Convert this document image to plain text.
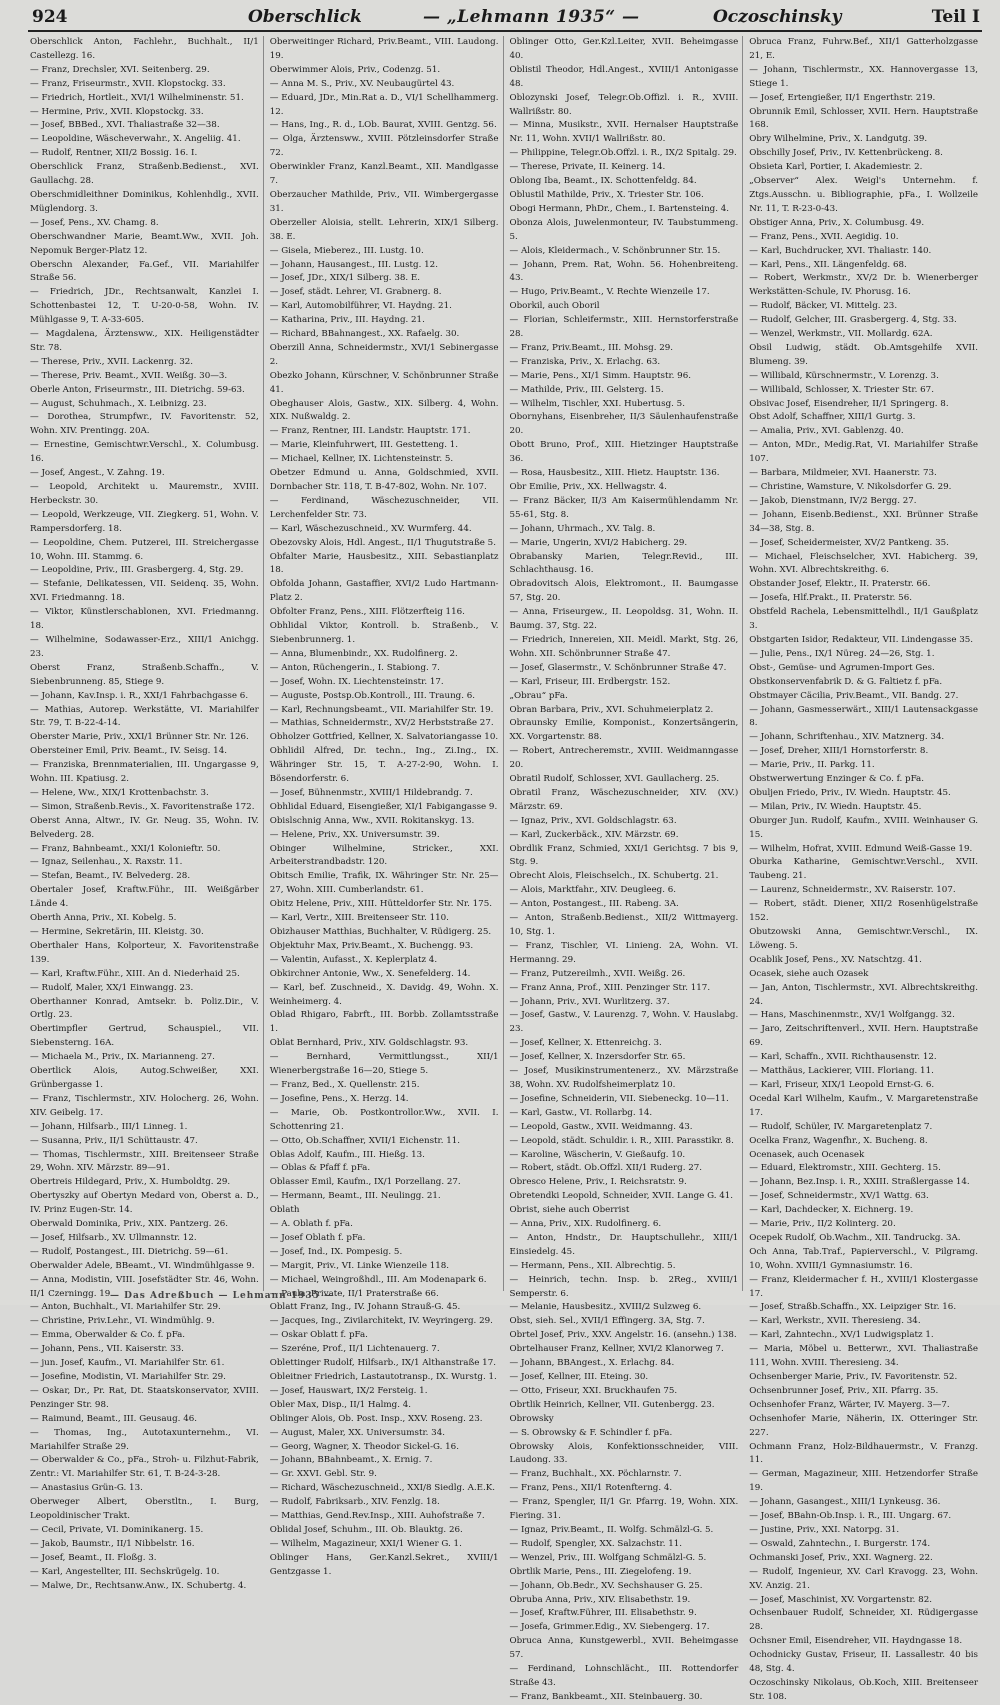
924	Oberschlick	— „Lehmann 1935“ —	Oczoschinsky	Teil I

Oberschlick Anton, Fachlehr., Buchhalt., II/1 Castellezg. 16.

— Franz, Drechsler, XVI. Seitenberg. 29.

— Franz, Friseurmstr., XVII. Klopstockg. 33.

— Friedrich, Hortleit., XVI/1 Wilhelminenstr. 51.

— Hermine, Priv., XVII. Klopstockg. 33.

— Josef, BBBed., XVI. Thaliastraße 32—38.

— Leopoldine, Wäscheverwahr., X. Angeliig. 41.

— Rudolf, Rentner, XII/2 Bossig. 16. I.

Oberschlick Franz, Straßenb.Bedienst., XVI. Gaullachg. 28.

Oberschmidleithner Dominikus, Kohlenhdlg., XVII. Müglendorg. 3.

— Josef, Pens., XV. Chamg. 8.

Oberschwandner Marie, Beamt.Ww., XVII. Joh. Nepomuk Berger-Platz 12.

Oberschn Alexander, Fa.Gef., VII. Mariahilfer Straße 56.

— Friedrich, JDr., Rechtsanwalt, Kanzlei I. Schottenbastei 12, T. U-20-0-58, Wohn. IV. Mühlgasse 9, T. A-33-605.

— Magdalena, Ärztensww., XIX. Heiligenstädter Str. 78.

— Therese, Priv., XVII. Lackenrg. 32.

— Therese, Priv. Beamt., XVII. Weißg. 30—3.

Oberle Anton, Friseurmstr., III. Dietrichg. 59-63.

— August, Schuhmach., X. Leibnizg. 23.

— Dorothea, Strumpfwr., IV. Favoritenstr. 52, Wohn. XIV. Prentingg. 20A.

— Ernestine, Gemischtwr.Verschl., X. Columbusg. 16.

— Josef, Angest., V. Zahng. 19.

— Leopold, Architekt u. Mauremstr., XVIII. Herbeckstr. 30.

— Leopold, Werkzeuge, VII. Ziegkerg. 51, Wohn. V. Rampersdorferg. 18.

— Leopoldine, Chem. Putzerei, III. Streichergasse 10, Wohn. III. Stammg. 6.

— Leopoldine, Priv., III. Grasbergerg. 4, Stg. 29.

— Stefanie, Delikatessen, VII. Seidenq. 35, Wohn. XVI. Friedmanng. 18.

— Viktor, Künstlerschablonen, XVI. Friedmanng. 18.

— Wilhelmine, Sodawasser-Erz., XIII/1 Anichgg. 23.

Oberst Franz, Straßenb.Schaffn., V. Siebenbrunneng. 85, Stiege 9.

— Johann, Kav.Insp. i. R., XXI/1 Fahrbachgasse 6.

— Mathias, Autorep. Werkstätte, VI. Mariahilfer Str. 79, T. B-22-4-14.

Oberster Marie, Priv., XXI/1 Brünner Str. Nr. 126.

Obersteiner Emil, Priv. Beamt., IV. Seisg. 14.

— Franziska, Brennmaterialien, III. Ungargasse 9, Wohn. III. Kpatiusg. 2.

— Helene, Ww., XIX/1 Krottenbachstr. 3.

— Simon, Straßenb.Revis., X. Favoritenstraße 172.

Oberst Anna, Altwr., IV. Gr. Neug. 35, Wohn. IV. Belvederg. 28.

— Franz, Bahnbeamt., XXI/1 Kolonieftr. 50.

— Ignaz, Seilenhau., X. Raxstr. 11.

— Stefan, Beamt., IV. Belvederg. 28.

Obertaler Josef, Kraftw.Führ., III. Weißgärber Lände 4.

Oberth Anna, Priv., XI. Kobelg. 5.

— Hermine, Sekretärin, III. Kleistg. 30.

Oberthaler Hans, Kolporteur, X. Favoritenstraße 139.

— Karl, Kraftw.Führ., XIII. An d. Niederhaid 25.

— Rudolf, Maler, XX/1 Einwangg. 23.

Oberthanner Konrad, Amtsekr. b. Poliz.Dir., V. Ortlg. 23.

Obertimpfler Gertrud, Schauspiel., VII. Siebensterng. 16A.

— Michaela M., Priv., IX. Marianneng. 27.

Obertlick Alois, Autog.Schweißer, XXI. Grünbergasse 1.

— Franz, Tischlermstr., XIV. Holocherg. 26, Wohn. XIV. Geibelg. 17.

— Johann, Hilfsarb., III/1 Linneg. 1.

— Susanna, Priv., II/1 Schüttaustr. 47.

— Thomas, Tischlermstr., XIII. Breitenseer Straße 29, Wohn. XIV. Märzstr. 89—91.

Obertreis Hildegard, Priv., X. Humboldtg. 29.

Obertyszky auf Obertyn Medard von, Oberst a. D., IV. Prinz Eugen-Str. 14.

Oberwald Dominika, Priv., XIX. Pantzerg. 26.

— Josef, Hilfsarb., XV. Ullmannstr. 12.

— Rudolf, Postangest., III. Dietrichg. 59—61.

Oberwalder Adele, BBeamt., VI. Windmühlgasse 9.

— Anna, Modistin, VIII. Josefstädter Str. 46, Wohn. II/1 Czerningg. 19.

— Anton, Buchhalt., VI. Mariahilfer Str. 29.

— Christine, Priv.Lehr., VI. Windmühlg. 9.

— Emma, Oberwalder & Co. f. pFa.

— Johann, Pens., VII. Kaiserstr. 33.

— jun. Josef, Kaufm., VI. Mariahilfer Str. 61.

— Josefine, Modistin, VI. Mariahilfer Str. 29.

— Oskar, Dr., Pr. Rat, Dt. Staatskonservator, XVIII. Penzinger Str. 98.

— Raimund, Beamt., III. Geusaug. 46.

— Thomas, Ing., Autotaxunternehm., VI. Mariahilfer Straße 29.

— Oberwalder & Co., pFa., Stroh- u. Filzhut-Fabrik, Zentr.: VI. Mariahilfer Str. 61, T. B-24-3-28.

— Anastasius Grün-G. 13.

Oberweger Albert, Oberstltn., I. Burg, Leopoldinischer Trakt.

— Cecil, Private, VI. Dominikanerg. 15.

— Jakob, Baumstr., II/1 Nibbelstr. 16.

— Josef, Beamt., II. Floßg. 3.

— Karl, Angestellter, III. Sechskrügelg. 10.

— Malwe, Dr., Rechtsanw.Anw., IX. Schubertg. 4.

Oberweitinger Richard, Priv.Beamt., VIII. Laudong. 19.

Oberwimmer Alois, Priv., Codenzg. 51.

— Anna M. S., Priv., XV. Neubaugürtel 43.

— Eduard, JDr., Min.Rat a. D., VI/1 Schellhammerg. 12.

— Hans, Ing., R. d., LOb. Baurat, XVIII. Gentzg. 56.

— Olga, Ärztensww., XVIII. Pötzleinsdorfer Straße 72.

Oberwinkler Franz, Kanzl.Beamt., XII. Mandlgasse 7.

Oberzaucher Mathilde, Priv., VII. Wimbergergasse 31.

Oberzeller Aloisia, stellt. Lehrerin, XIX/1 Silberg. 38. E.

— Gisela, Mieberez., III. Lustg. 10.

— Johann, Hausangest., III. Lustg. 12.

— Josef, JDr., XIX/1 Silberg. 38. E.

— Josef, städt. Lehrer, VI. Grabnerg. 8.

— Karl, Automobilführer, VI. Haydng. 21.

— Katharina, Priv., III. Haydng. 21.

— Richard, BBahnangest., XX. Rafaelg. 30.

Oberzill Anna, Schneidermstr., XVI/1 Sebinergasse 2.

Obezko Johann, Kürschner, V. Schönbrunner Straße 41.

Obeghauser Alois, Gastw., XIX. Silberg. 4, Wohn. XIX. Nußwaldg. 2.

— Franz, Rentner, III. Landstr. Hauptstr. 171.

— Marie, Kleinfuhrwert, III. Gestetteng. 1.

— Michael, Kellner, IX. Lichtensteinstr. 5.

Obetzer Edmund u. Anna, Goldschmied, XVII. Dornbacher Str. 118, T. B-47-802, Wohn. Nr. 107.

— Ferdinand, Wäschezuschneider, VII. Lerchenfelder Str. 73.

— Karl, Wäschezuschneid., XV. Wurmferg. 44.

Obezovsky Alois, Hdl. Angest., II/1 Thugutstraße 5.

Obfalter Marie, Hausbesitz., XIII. Sebastianplatz 18.

Obfolda Johann, Gastaffier, XVI/2 Ludo Hartmann-Platz 2.

Obfolter Franz, Pens., XIII. Flötzerfteig 116.

Obhlidal Viktor, Kontroll. b. Straßenb., V. Siebenbrunnerg. 1.

— Anna, Blumenbindr., XX. Rudolfinerg. 2.

— Anton, Rüchengerin., I. Stabiong. 7.

— Josef, Wohn. IX. Liechtensteinstr. 17.

— Auguste, Postsp.Ob.Kontroll., III. Traung. 6.

— Karl, Rechnungsbeamt., VII. Mariahilfer Str. 19.

— Mathias, Schneidermstr., XV/2 Herbststraße 27.

Obholzer Gottfried, Kellner, X. Salvatoriangasse 10.

Obhlidil Alfred, Dr. techn., Ing., Zi.Ing., IX. Währinger Str. 15, T. A-27-2-90, Wohn. I. Bösendorferstr. 6.

— Josef, Bühnenmstr., XVIII/1 Hildebrandg. 7.

Obhlidal Eduard, Eisengießer, XI/1 Fabigangasse 9.

Obislschnig Anna, Ww., XVII. Rokitanskyg. 13.

— Helene, Priv., XX. Universumstr. 39.

Obinger Wilhelmine, Stricker., XXI. Arbeiterstrandbadstr. 120.

Obitsch Emilie, Trafik, IX. Währinger Str. Nr. 25—27, Wohn. XIII. Cumberlandstr. 61.

Obitz Helene, Priv., XIII. Hütteldorfer Str. Nr. 175.

— Karl, Vertr., XIII. Breitenseer Str. 110.

Obizhauser Matthias, Buchhalter, V. Rüdigerg. 25.

Objektuhr Max, Priv.Beamt., X. Buchengg. 93.

— Valentin, Aufasst., X. Keplerplatz 4.

Obkirchner Antonie, Ww., X. Senefelderg. 14.

— Karl, bef. Zuschneid., X. Davidg. 49, Wohn. X. Weinheimerg. 4.

Oblad Rhigaro, Fabrft., III. Borbb. Zollamtsstraße 1.

Oblat Bernhard, Priv., XIV. Goldschlagstr. 93.

— Bernhard, Vermittlungsst., XII/1 Wienerbergstraße 16—20, Stiege 5.

— Franz, Bed., X. Quellenstr. 215.

— Josefine, Pens., X. Herzg. 14.

— Marie, Ob. Postkontrollor.Ww., XVII. I. Schottenring 21.

— Otto, Ob.Schaffner, XVII/1 Eichenstr. 11.

Oblas Adolf, Kaufm., III. Hießg. 13.

— Oblas & Pfaff f. pFa.

Oblasser Emil, Kaufm., IX/1 Porzellang. 27.

— Hermann, Beamt., III. Neulingg. 21.

Oblath

— A. Oblath f. pFa.

— Josef Oblath f. pFa.

— Josef, Ind., IX. Pompesig. 5.

— Margit, Priv., VI. Linke Wienzeile 118.

— Michael, Weingroßhdl., III. Am Modenapark 6.

— Paula, Private, II/1 Praterstraße 66.

Oblatt Franz, Ing., IV. Johann Strauß-G. 45.

— Jacques, Ing., Zivilarchitekt, IV. Weyringerg. 29.

— Oskar Oblatt f. pFa.

— Szeréne, Prof., II/1 Lichtenauerg. 7.

Oblettinger Rudolf, Hilfsarb., IX/1 Althanstraße 17.

Obleitner Friedrich, Lastautotransp., IX. Wurstg. 1.

— Josef, Hauswart, IX/2 Fersteig. 1.

Obler Max, Disp., II/1 Halmg. 4.

Oblinger Alois, Ob. Post. Insp., XXV. Roseng. 23.

— August, Maler, XX. Universumstr. 34.

— Georg, Wagner, X. Theodor Sickel-G. 16.

— Johann, BBahnbeamt., X. Ernig. 7.

— Gr. XXVI. Gebl. Str. 9.

— Richard, Wäschezuschneid., XXI/8 Siedlg. A.E.K.

— Rudolf, Fabriksarb., XIV. Fenzlg. 18.

— Matthias, Gend.Rev.Insp., XIII. Auhofstraße 7.

Oblidal Josef, Schuhm., III. Ob. Blauktg. 26.

— Wilhelm, Magazineur, XXI/1 Wiener G. 1.

Oblinger Hans, Ger.Kanzl.Sekret., XVIII/1 Gentzgasse 1.

Oblinger Otto, Ger.Kzl.Leiter, XVII. Beheimgasse 40.

Oblistil Theodor, Hdl.Angest., XVIII/1 Antonigasse 48.

Oblozynski Josef, Telegr.Ob.Offizl. i. R., XVIII. Wallrißstr. 80.

— Minna, Musikstr., XVII. Hernalser Hauptstraße Nr. 11, Wohn. XVII/1 Wallrißstr. 80.

— Philippine, Telegr.Ob.Offzl. i. R., IX/2 Spitalg. 29.

— Therese, Private, II. Keinerg. 14.

Oblong Iba, Beamt., IX. Schottenfeldg. 84.

Oblustil Mathilde, Priv., X. Triester Str. 106.

Obogi Hermann, PhDr., Chem., I. Bartensteing. 4.

Obonza Alois, Juwelenmonteur, IV. Taubstummeng. 5.

— Alois, Kleidermach., V. Schönbrunner Str. 15.

— Johann, Prem. Rat, Wohn. 56. Hohenbreiteng. 43.

— Hugo, Priv.Beamt., V. Rechte Wienzeile 17.

Oborkil, auch Oboril

— Florian, Schleifermstr., XIII. Hernstorferstraße 28.

— Franz, Priv.Beamt., III. Mohsg. 29.

— Franziska, Priv., X. Erlachg. 63.

— Marie, Pens., XI/1 Simm. Hauptstr. 96.

— Mathilde, Priv., III. Gelsterg. 15.

— Wilhelm, Tischler, XXI. Hubertusg. 5.

Obornyhans, Eisenbreher, II/3 Säulenhaufenstraße 20.

Obott Bruno, Prof., XIII. Hietzinger Hauptstraße 36.

— Rosa, Hausbesitz., XIII. Hietz. Hauptstr. 136.

Obr Emilie, Priv., XX. Hellwagstr. 4.

— Franz Bäcker, II/3 Am Kaisermühlendamm Nr. 55-61, Stg. 8.

— Johann, Uhrmach., XV. Talg. 8.

— Marie, Ungerin, XVI/2 Habicherg. 29.

Obrabansky Marien, Telegr.Revid., III. Schlachthausg. 16.

Obradovitsch Alois, Elektromont., II. Baumgasse 57, Stg. 20.

— Anna, Friseurgew., II. Leopoldsg. 31, Wohn. II. Baumg. 37, Stg. 22.

— Friedrich, Innereien, XII. Meidl. Markt, Stg. 26, Wohn. XII. Schönbrunner Straße 47.

— Josef, Glasermstr., V. Schönbrunner Straße 47.

— Karl, Friseur, III. Erdbergstr. 152.

„Obrau“ pFa.

Obran Barbara, Priv., XVI. Schuhmeierplatz 2.

Obraunsky Emilie, Komponist., Konzertsängerin, XX. Vorgartenstr. 88.

— Robert, Antrecheremstr., XVIII. Weidmanngasse 20.

Obratil Rudolf, Schlosser, XVI. Gaullacherg. 25.

Obratil Franz, Wäschezuschneider, XIV. (XV.) Märzstr. 69.

— Ignaz, Priv., XVI. Goldschlagstr. 63.

— Karl, Zuckerbäck., XIV. Märzstr. 69.

Obrdlik Franz, Schmied, XXI/1 Gerichtsg. 7 bis 9, Stg. 9.

Obrecht Alois, Fleischselch., IX. Schubertg. 21.

— Alois, Marktfahr., XIV. Deugleeg. 6.

— Anton, Postangest., III. Rabeng. 3A.

— Anton, Straßenb.Bedienst., XII/2 Wittmayerg. 10, Stg. 1.

— Franz, Tischler, VI. Linieng. 2A, Wohn. VI. Hermanng. 29.

— Franz, Putzereilmh., XVII. Weißg. 26.

— Franz Anna, Prof., XIII. Penzinger Str. 117.

— Johann, Priv., XVI. Wurlitzerg. 37.

— Josef, Gastw., V. Laurenzg. 7, Wohn. V. Hauslabg. 23.

— Josef, Kellner, X. Ettenreichg. 3.

— Josef, Kellner, X. Inzersdorfer Str. 65.

— Josef, Musikinstrumentenerz., XV. Märzstraße 38, Wohn. XV. Rudolfsheimerplatz 10.

— Josefine, Schneiderin, VII. Siebeneckg. 10—11.

— Karl, Gastw., VI. Rollarbg. 14.

— Leopold, Gastw., XVII. Weidmanng. 43.

— Leopold, städt. Schuldir. i. R., XIII. Parasstikr. 8.

— Karoline, Wäscherin, V. Gießaufg. 10.

— Robert, städt. Ob.Offzl. XII/1 Ruderg. 27.

Obresco Helene, Priv., I. Reichsratstr. 9.

Obretendki Leopold, Schneider, XVII. Lange G. 41.

Obrist, siehe auch Oberrist

— Anna, Priv., XIX. Rudolfinerg. 6.

— Anton, Hndstr., Dr. Hauptschullehr., XIII/1 Einsiedelg. 45.

— Hermann, Pens., XII. Albrechtig. 5.

— Heinrich, techn. Insp. b. 2Reg., XVIII/1 Semperstr. 6.

— Melanie, Hausbesitz., XVIII/2 Sulzweg 6.

Obst, sieh. Sel., XVII/1 Effingerg. 3A, Stg. 7.

Obrtel Josef, Priv., XXV. Angelstr. 16. (ansehn.) 138.

Obrtelhauser Franz, Kellner, XVI/2 Klanorweg 7.

— Johann, BBAngest., X. Erlachg. 84.

— Josef, Kellner, III. Eteing. 30.

— Otto, Friseur, XXI. Bruckhaufen 75.

Obrtlik Heinrich, Kellner, VII. Gutenbergg. 23.

Obrowsky

— S. Obrowsky & F. Schindler f. pFa.

Obrowsky Alois, Konfektionsschneider, VIII. Laudong. 33.

— Franz, Buchhalt., XX. Pöchlarnstr. 7.

— Franz, Pens., XII/1 Rotenfterng. 4.

— Franz, Spengler, II/1 Gr. Pfarrg. 19, Wohn. XIX. Fiering. 31.

— Ignaz, Priv.Beamt., II. Wolfg. Schmälzl-G. 5.

— Rudolf, Spengler, XX. Salzachstr. 11.

— Wenzel, Priv., III. Wolfgang Schmälzl-G. 5.

Obrtlik Marie, Pens., III. Ziegelofeng. 19.

— Johann, Ob.Bedr., XV. Sechshauser G. 25.

Obruba Anna, Priv., XIV. Elisabethstr. 19.

— Josef, Kraftw.Führer, III. Elisabethstr. 9.

— Josefa, Grimmer.Edig., XV. Siebengerg. 17.

Obruca Anna, Kunstgewerbl., XVII. Beheimgasse 57.

— Ferdinand, Lohnschlächt., III. Rottendorfer Straße 43.

— Franz, Bankbeamt., XII. Steinbauerg. 30.

Obruca Franz, Fuhrw.Bef., XII/1 Gatterholzgasse 21, E.

— Johann, Tischlermstr., XX. Hannovergasse 13, Stiege 1.

— Josef, Ertengießer, II/1 Engerthstr. 219.

Obrunnik Emil, Schlosser, XVII. Hern. Hauptstraße 168.

Obry Wilhelmine, Priv., X. Landgutg. 39.

Obschilly Josef, Priv., IV. Kettenbrückeng. 8.

Obsieta Karl, Portier, I. Akademiestr. 2.

„Observer“ Alex. Weigl's Unternehm. f. Ztgs.Ausschn. u. Bibliographie, pFa., I. Wollzeile Nr. 11, T. R-23-0-43.

Obstiger Anna, Priv., X. Columbusg. 49.

— Franz, Pens., XVII. Aegidig. 10.

— Karl, Buchdrucker, XVI. Thaliastr. 140.

— Karl, Pens., XII. Längenfeldg. 68.

— Robert, Werkmstr., XV/2 Dr. b. Wienerberger Werkstätten-Schule, IV. Phorusg. 16.

— Rudolf, Bäcker, VI. Mittelg. 23.

— Rudolf, Gelcher, III. Grasbergerg. 4, Stg. 33.

— Wenzel, Werkmstr., VII. Mollardg. 62A.

Obsil Ludwig, städt. Ob.Amtsgehilfe XVII. Blumeng. 39.

— Willibald, Kürschnermstr., V. Lorenzg. 3.

— Willibald, Schlosser, X. Triester Str. 67.

Obsivac Josef, Eisendreher, II/1 Springerg. 8.

Obst Adolf, Schaffner, XIII/1 Gurtg. 3.

— Amalia, Priv., XVI. Gablenzg. 40.

— Anton, MDr., Medig.Rat, VI. Mariahilfer Straße 107.

— Barbara, Mildmeier, XVI. Haanerstr. 73.

— Christine, Wamsture, V. Nikolsdorfer G. 29.

— Jakob, Dienstmann, IV/2 Bergg. 27.

— Johann, Eisenb.Bedienst., XXI. Brünner Straße 34—38, Stg. 8.

— Josef, Scheidermeister, XV/2 Pantkeng. 35.

— Michael, Fleischselcher, XVI. Habicherg. 39, Wohn. XVI. Albrechtskreithg. 6.

Obstander Josef, Elektr., II. Praterstr. 66.

— Josefa, Hlf.Prakt., II. Praterstr. 56.

Obstfeld Rachela, Lebensmittelhdl., II/1 Gaußplatz 3.

Obstgarten Isidor, Redakteur, VII. Lindengasse 35.

— Julie, Pens., IX/1 Nüreg. 24—26, Stg. 1.

Obst-, Gemüse- und Agrumen-Import Ges.

Obstkonservenfabrik D. & G. Faltietz f. pFa.

Obstmayer Cäcilia, Priv.Beamt., VII. Bandg. 27.

— Johann, Gasmesserwärt., XIII/1 Lautensackgasse 8.

— Johann, Schriftenhau., XIV. Matznerg. 34.

— Josef, Dreher, XIII/1 Hornstorferstr. 8.

— Marie, Priv., II. Parkg. 11.

Obstwerwertung Enzinger & Co. f. pFa.

Obuljen Friedo, Priv., IV. Wiedn. Hauptstr. 45.

— Milan, Priv., IV. Wiedn. Hauptstr. 45.

Oburger Jun. Rudolf, Kaufm., XVIII. Weinhauser G. 15.

— Wilhelm, Hofrat, XVIII. Edmund Weiß-Gasse 19.

Oburka Katharine, Gemischtwr.Verschl., XVII. Taubeng. 21.

— Laurenz, Schneidermstr., XV. Raiserstr. 107.

— Robert, städt. Diener, XII/2 Rosenhügelstraße 152.

Obutzowski Anna, Gemischtwr.Verschl., IX. Löweng. 5.

Ocablik Josef, Pens., XV. Natschtzg. 41.

Ocasek, siehe auch Ozasek

— Jan, Anton, Tischlermstr., XVI. Albrechtskreithg. 24.

— Hans, Maschinenmstr., XV/1 Wolfgangg. 32.

— Jaro, Zeitschriftenverl., XVII. Hern. Hauptstraße 69.

— Karl, Schaffn., XVII. Richthausenstr. 12.

— Matthäus, Lackierer, VIII. Floriang. 11.

— Karl, Friseur, XIX/1 Leopold Ernst-G. 6.

Ocedal Karl Wilhelm, Kaufm., V. Margaretenstraße 17.

— Rudolf, Schüler, IV. Margaretenplatz 7.

Ocelka Franz, Wagenfhr., X. Bucheng. 8.

Ocenasek, auch Ocenasek

— Eduard, Elektromstr., XIII. Gechterg. 15.

— Johann, Bez.Insp. i. R., XXIII. Straßlergasse 14.

— Josef, Schneidermstr., XV/1 Wattg. 63.

— Karl, Dachdecker, X. Eichnerg. 19.

— Marie, Priv., II/2 Kolinterg. 20.

Ocepek Rudolf, Ob.Wachm., XII. Tandruckg. 3A.

Och Anna, Tab.Traf., Papierverschl., V. Pilgramg. 10, Wohn. XVIII/1 Gymnasiumstr. 16.

— Franz, Kleidermacher f. H., XVIII/1 Klostergasse 17.

— Josef, Straßb.Schaffn., XX. Leipziger Str. 16.

— Karl, Werkstr., XVII. Theresieng. 34.

— Karl, Zahntechn., XV/1 Ludwigsplatz 1.

— Maria, Möbel u. Betterwr., XVI. Thaliastraße 111, Wohn. XVIII. Theresieng. 34.

Ochsenberger Marie, Priv., IV. Favoritenstr. 52.

Ochsenbrunner Josef, Priv., XII. Pfarrg. 35.

Ochsenhofer Franz, Wärter, IV. Mayerg. 3—7.

Ochsenhofer Marie, Näherin, IX. Otteringer Str. 227.

Ochmann Franz, Holz-Bildhauermstr., V. Franzg. 11.

— German, Magazineur, XIII. Hetzendorfer Straße 19.

— Johann, Gasangest., XIII/1 Lynkeusg. 36.

— Josef, BBahn-Ob.Insp. i. R., III. Ungarg. 67.

— Justine, Priv., XXI. Natorpg. 31.

— Oswald, Zahntechn., I. Burgerstr. 174.

Ochmanski Josef, Priv., XXI. Wagnerg. 22.

— Rudolf, Ingenieur, XV. Carl Kravogg. 23, Wohn. XV. Anzig. 21.

— Josef, Maschinist, XV. Vorgartenstr. 82.

Ochsenbauer Rudolf, Schneider, XI. Rüdigergasse 28.

Ochsner Emil, Eisendreher, VII. Haydngasse 18.

Ochodnicky Gustav, Friseur, II. Lassallestr. 40 bis 48, Stg. 4.

Oczoschinsky Nikolaus, Ob.Koch, XIII. Breitenseer Str. 108.

— Das Adreßbuch — Lehmann 1935 —
